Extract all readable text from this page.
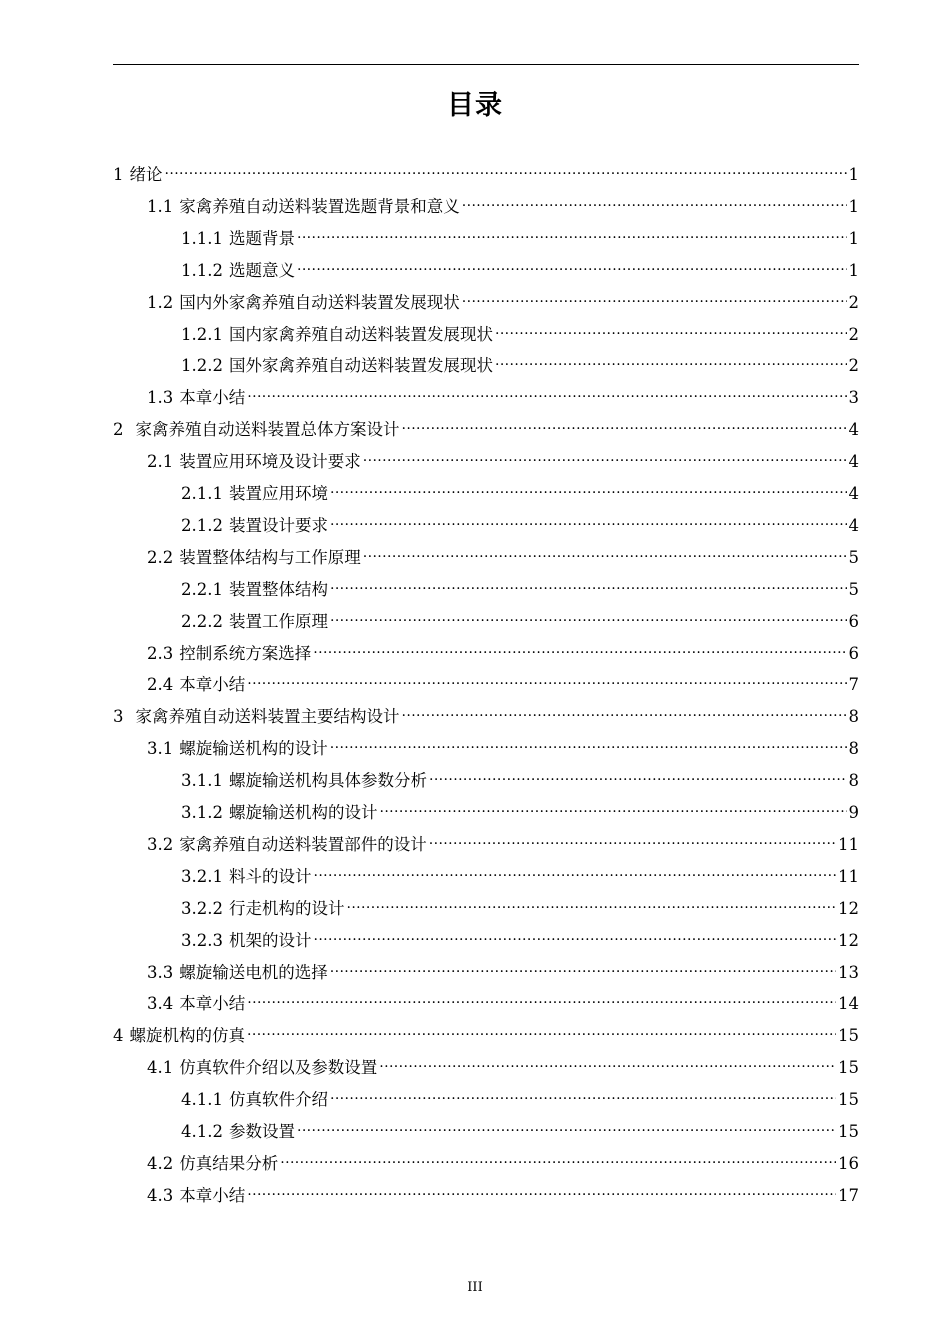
目录
1 绪论 .....	1
1.1 家禽养殖自动送料装置选题背景和意义 .....	1
1.1.1 选题背景 .....	1
1.1.2 选题意义 .....	1
1.2 国内外家禽养殖自动送料装置发展现状 .....	2
1.2.1 国内家禽养殖自动送料装置发展现状 .....	2
1.2.2 国外家禽养殖自动送料装置发展现状 .....	2
1.3 本章小结 .....	3
2 家禽养殖自动送料装置总体方案设计 .....	4
2.1 装置应用环境及设计要求 .....	4
2.1.1 装置应用环境 .....	4
2.1.2 装置设计要求 .....	4
2.2 装置整体结构与工作原理 .....	5
2.2.1 装置整体结构 .....	5
2.2.2 装置工作原理 .....	6
2.3 控制系统方案选择 .....	6
2.4 本章小结 .....	7
3 家禽养殖自动送料装置主要结构设计 .....	8
3.1 螺旋输送机构的设计 .....	8
3.1.1 螺旋输送机构具体参数分析 .....	8
3.1.2 螺旋输送机构的设计 .....	9
3.2 家禽养殖自动送料装置部件的设计 .....	11
3.2.1 料斗的设计 .....	11
3.2.2 行走机构的设计 .....	12
3.2.3 机架的设计 .....	12
3.3 螺旋输送电机的选择 .....	13
3.4 本章小结 .....	14
4 螺旋机构的仿真 .....	15
4.1 仿真软件介绍以及参数设置 .....	15
4.1.1 仿真软件介绍 .....	15
4.1.2 参数设置 .....	15
4.2 仿真结果分析 .....	16
4.3 本章小结 .....	17
III
